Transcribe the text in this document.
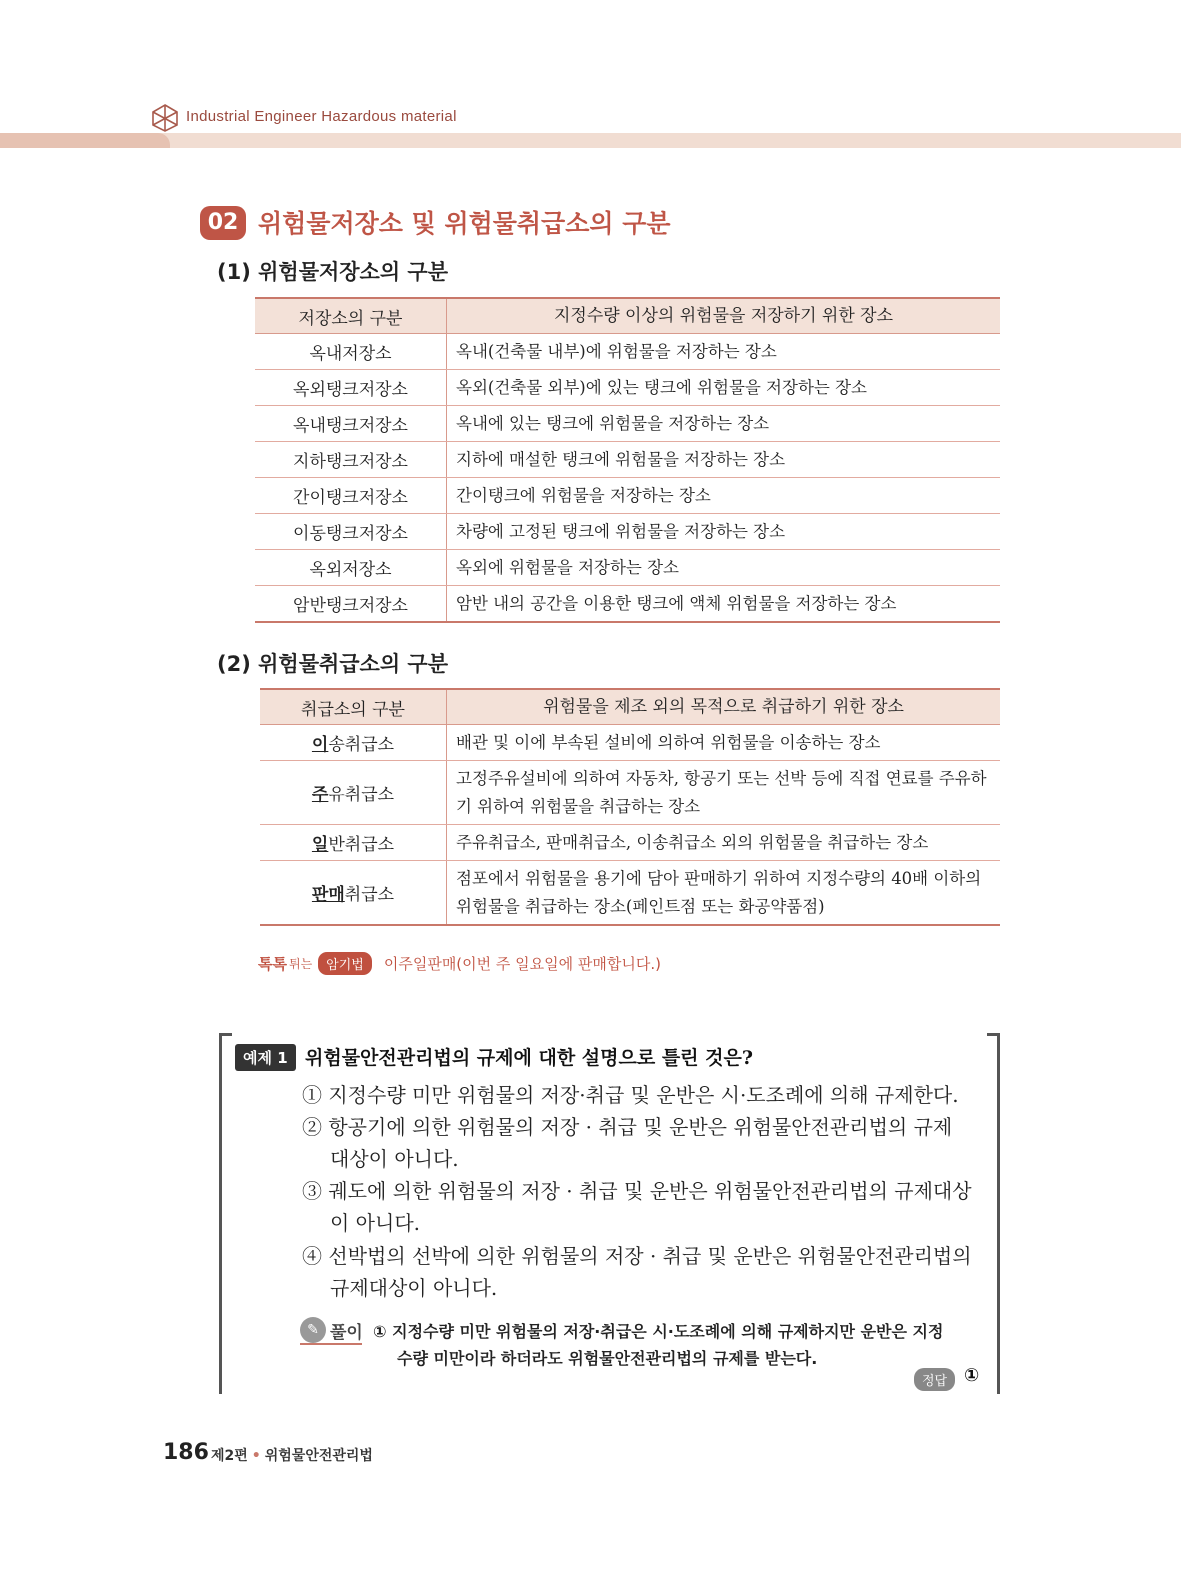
Industrial Engineer Hazardous material
02 위험물저장소 및 위험물취급소의 구분
(1) 위험물저장소의 구분
저장소의 구분	지정수량 이상의 위험물을 저장하기 위한 장소
옥내저장소	옥내(건축물 내부)에 위험물을 저장하는 장소
옥외탱크저장소	옥외(건축물 외부)에 있는 탱크에 위험물을 저장하는 장소
옥내탱크저장소	옥내에 있는 탱크에 위험물을 저장하는 장소
지하탱크저장소	지하에 매설한 탱크에 위험물을 저장하는 장소
간이탱크저장소	간이탱크에 위험물을 저장하는 장소
이동탱크저장소	차량에 고정된 탱크에 위험물을 저장하는 장소
옥외저장소	옥외에 위험물을 저장하는 장소
암반탱크저장소	암반 내의 공간을 이용한 탱크에 액체 위험물을 저장하는 장소
(2) 위험물취급소의 구분
취급소의 구분	위험물을 제조 외의 목적으로 취급하기 위한 장소
이송취급소	배관 및 이에 부속된 설비에 의하여 위험물을 이송하는 장소
주유취급소	고정주유설비에 의하여 자동차, 항공기 또는 선박 등에 직접 연료를 주유하기 위하여 위험물을 취급하는 장소
일반취급소	주유취급소, 판매취급소, 이송취급소 외의 위험물을 취급하는 장소
판매취급소	점포에서 위험물을 용기에 담아 판매하기 위하여 지정수량의 40배 이하의 위험물을 취급하는 장소(페인트점 또는 화공약품점)
톡톡 튀는	암기법	이주일판매(이번 주 일요일에 판매합니다.)
예제 1 위험물안전관리법의 규제에 대한 설명으로 틀린 것은?
① 지정수량 미만 위험물의 저장·취급 및 운반은 시·도조례에 의해 규제한다.
② 항공기에 의한 위험물의 저장 · 취급 및 운반은 위험물안전관리법의 규제
대상이 아니다.
③ 궤도에 의한 위험물의 저장 · 취급 및 운반은 위험물안전관리법의 규제대상
이 아니다.
④ 선박법의 선박에 의한 위험물의 저장 · 취급 및 운반은 위험물안전관리법의
규제대상이 아니다.
✎ 풀이 ① 지정수량 미만 위험물의 저장·취급은 시·도조례에 의해 규제하지만 운반은 지정
수량 미만이라 하더라도 위험물안전관리법의 규제를 받는다.
정답 ①
186 제2편 • 위험물안전관리법
